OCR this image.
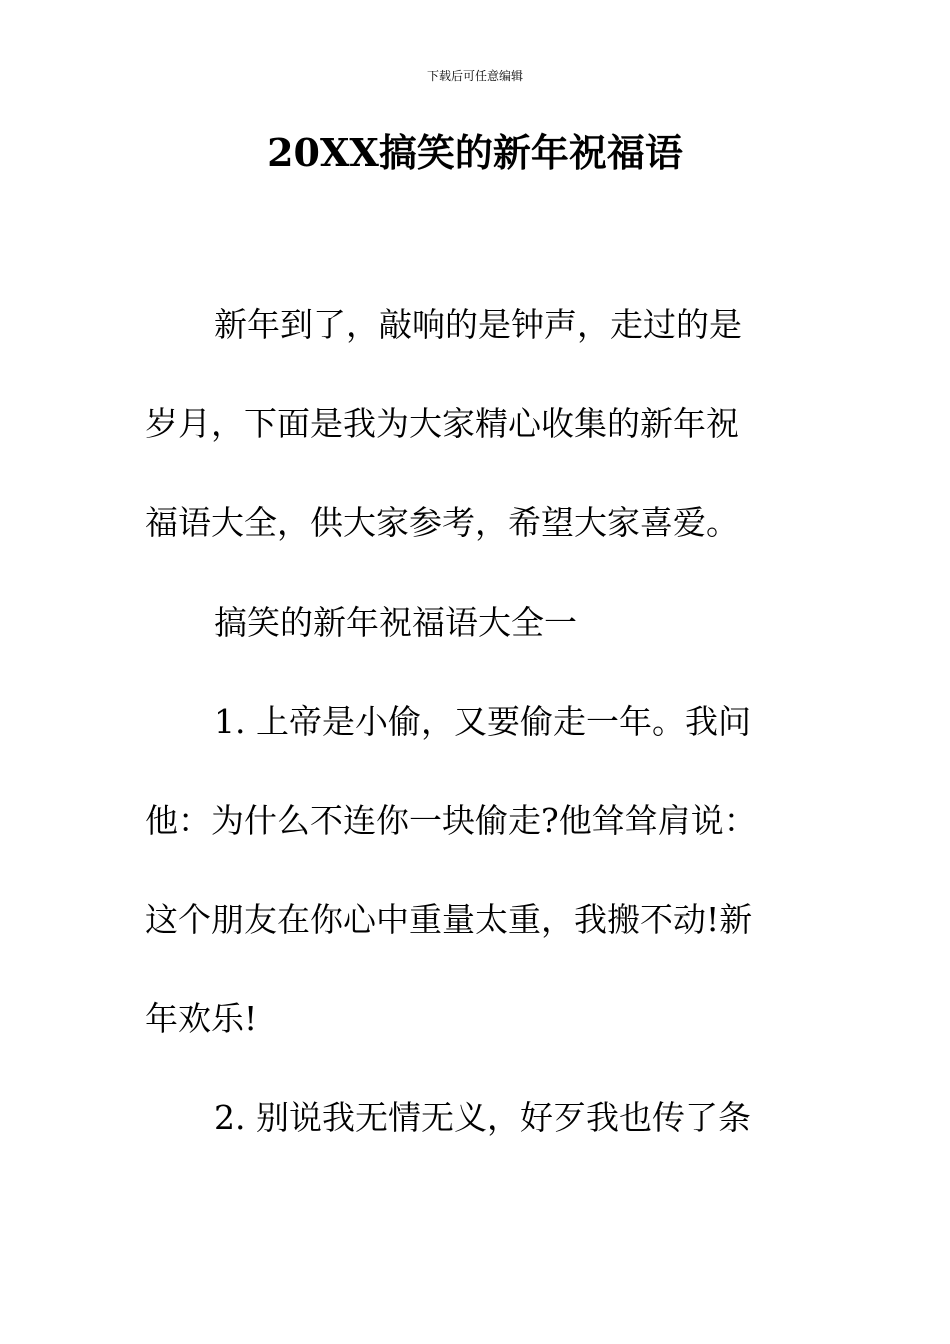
下载后可任意编辑
20XX搞笑的新年祝福语
新年到了，敲响的是钟声，走过的是
岁月，下面是我为大家精心收集的新年祝
福语大全，供大家参考，希望大家喜爱。
搞笑的新年祝福语大全一
1. 上帝是小偷，又要偷走一年。我问
他：为什么不连你一块偷走?他耸耸肩说：
这个朋友在你心中重量太重，我搬不动!新
年欢乐!
2. 别说我无情无义，好歹我也传了条
